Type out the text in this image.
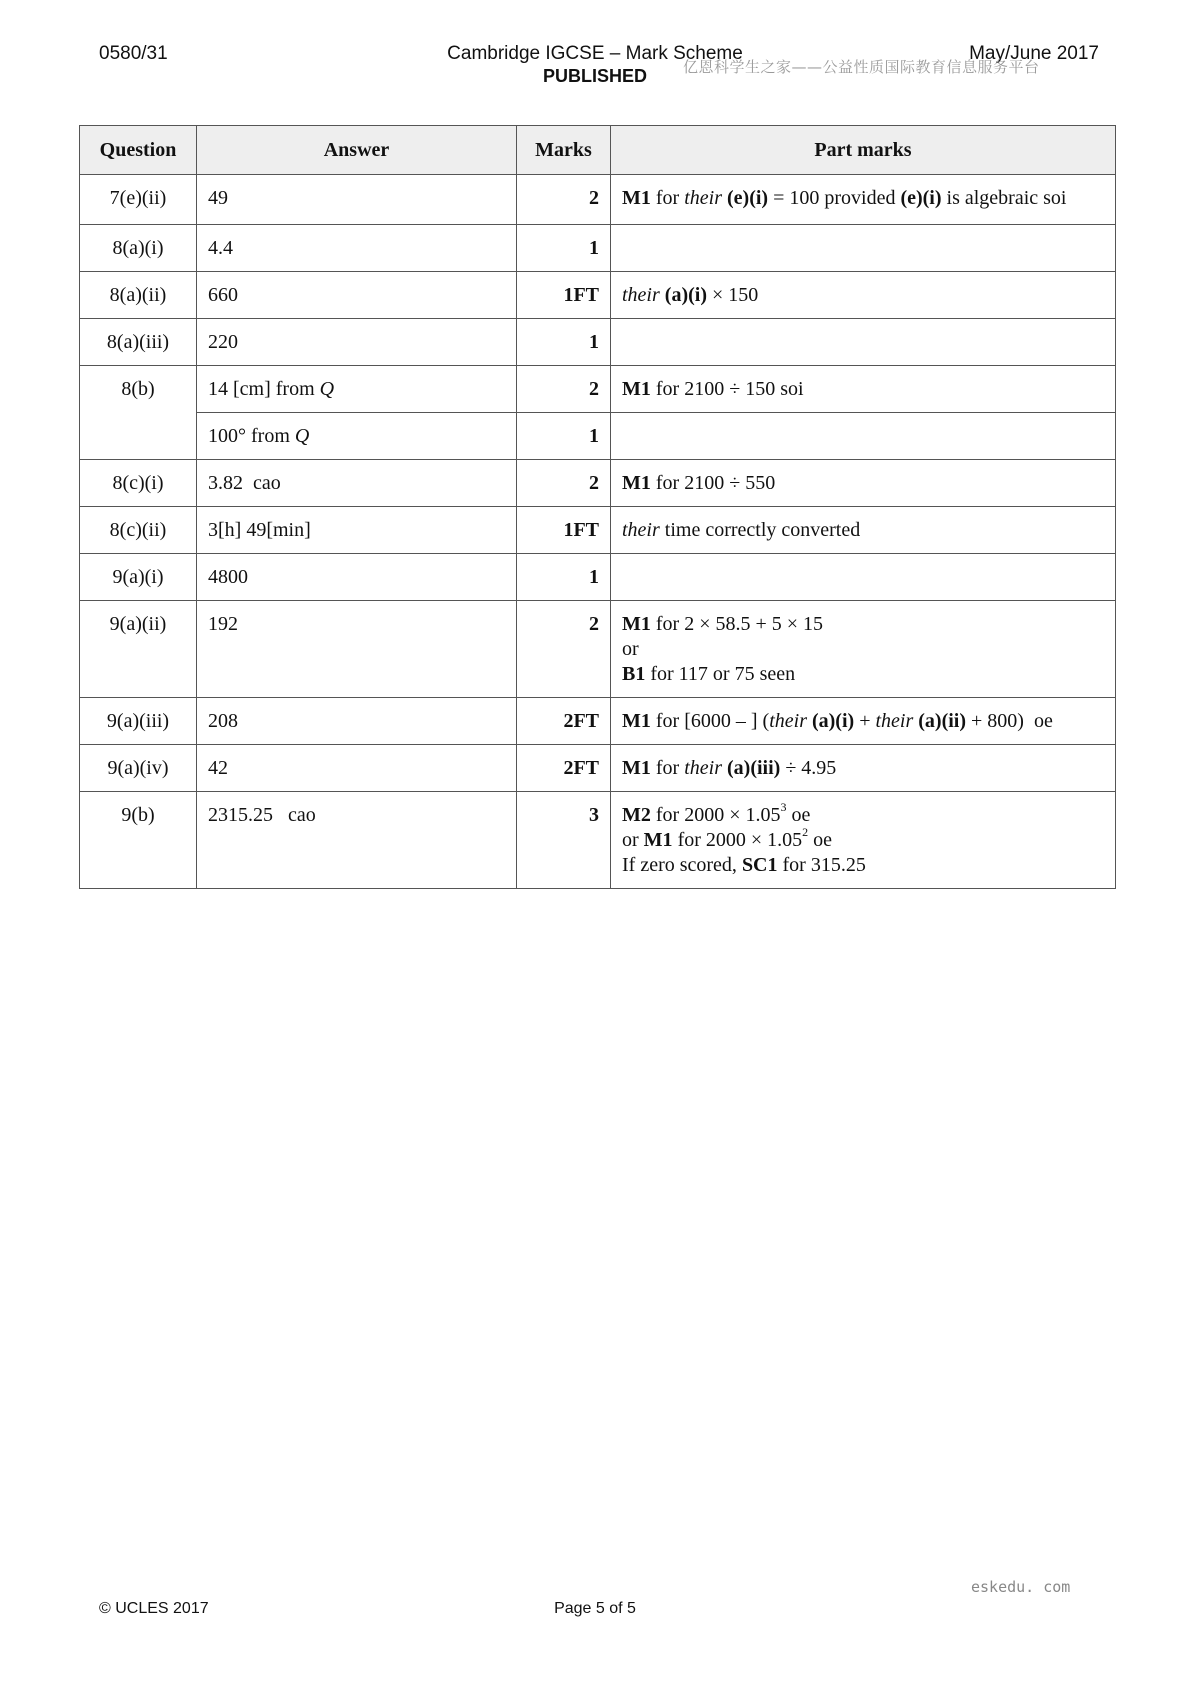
0580/31	Cambridge IGCSE – Mark Scheme
PUBLISHED
May/June 2017
亿恩科学生之家——公益性质国际教育信息服务平台
Question	Answer	Marks	Part marks
7(e)(ii)	49	2	M1 for their (e)(i) = 100 provided (e)(i) is algebraic soi
8(a)(i)	4.4	1	
8(a)(ii)	660	1FT	their (a)(i) × 150
8(a)(iii)	220	1	
8(b)	14 [cm] from Q	2	M1 for 2100 ÷ 150 soi
	100° from Q	1	
8(c)(i)	3.82  cao	2	M1 for 2100 ÷ 550
8(c)(ii)	3[h] 49[min]	1FT	their time correctly converted
9(a)(i)	4800	1	
9(a)(ii)	192	2	M1 for 2 × 58.5 + 5 × 15
or
B1 for 117 or 75 seen
9(a)(iii)	208	2FT	M1 for [6000 – ] (their (a)(i) + their (a)(ii) + 800)  oe
9(a)(iv)	42	2FT	M1 for their (a)(iii) ÷ 4.95
9(b)	2315.25   cao	3	M2 for $2000 \times 1.05^3$ oe
or M1 for $2000 \times 1.05^2$ oe
If zero scored, SC1 for 315.25
eskedu. com
© UCLES 2017	Page 5 of 5
